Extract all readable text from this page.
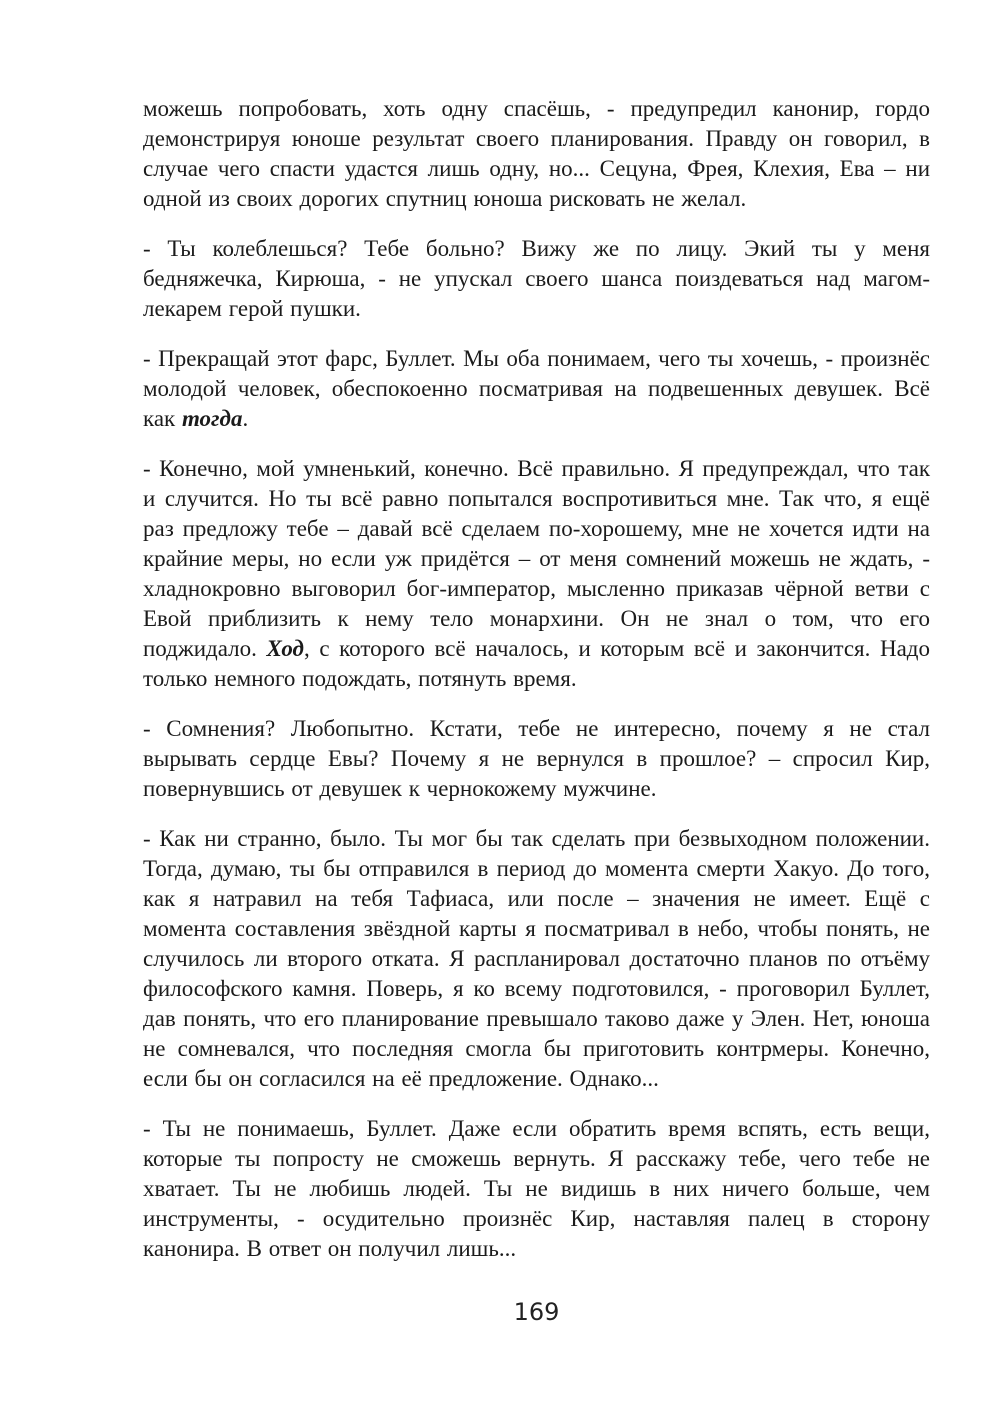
можешь попробовать, хоть одну спасёшь, - предупредил канонир, гордо демонстрируя юноше результат своего планирования. Правду он говорил, в случае чего спасти удастся лишь одну, но... Сецуна, Фрея, Клехия, Ева – ни одной из своих дорогих спутниц юноша рисковать не желал.

- Ты колеблешься? Тебе больно? Вижу же по лицу. Экий ты у меня бедняжечка, Кирюша, - не упускал своего шанса поиздеваться над магом-лекарем герой пушки.

- Прекращай этот фарс, Буллет. Мы оба понимаем, чего ты хочешь, - произнёс молодой человек, обеспокоенно посматривая на подвешенных девушек. Всё как тогда.

- Конечно, мой умненький, конечно. Всё правильно. Я предупреждал, что так и случится. Но ты всё равно попытался воспротивиться мне. Так что, я ещё раз предложу тебе – давай всё сделаем по-хорошему, мне не хочется идти на крайние меры, но если уж придётся – от меня сомнений можешь не ждать, - хладнокровно выговорил бог-император, мысленно приказав чёрной ветви с Евой приблизить к нему тело монархини. Он не знал о том, что его поджидало. Ход, с которого всё началось, и которым всё и закончится. Надо только немного подождать, потянуть время.

- Сомнения? Любопытно. Кстати, тебе не интересно, почему я не стал вырывать сердце Евы? Почему я не вернулся в прошлое? – спросил Кир, повернувшись от девушек к чернокожему мужчине.

- Как ни странно, было. Ты мог бы так сделать при безвыходном положении. Тогда, думаю, ты бы отправился в период до момента смерти Хакуо. До того, как я натравил на тебя Тафиаса, или после – значения не имеет. Ещё с момента составления звёздной карты я посматривал в небо, чтобы понять, не случилось ли второго отката. Я распланировал достаточно планов по отъёму философского камня. Поверь, я ко всему подготовился, - проговорил Буллет, дав понять, что его планирование превышало таково даже у Элен. Нет, юноша не сомневался, что последняя смогла бы приготовить контрмеры. Конечно, если бы он согласился на её предложение. Однако...

- Ты не понимаешь, Буллет. Даже если обратить время вспять, есть вещи, которые ты попросту не сможешь вернуть. Я расскажу тебе, чего тебе не хватает. Ты не любишь людей. Ты не видишь в них ничего больше, чем инструменты, - осудительно произнёс Кир, наставляя палец в сторону канонира. В ответ он получил лишь...

169
